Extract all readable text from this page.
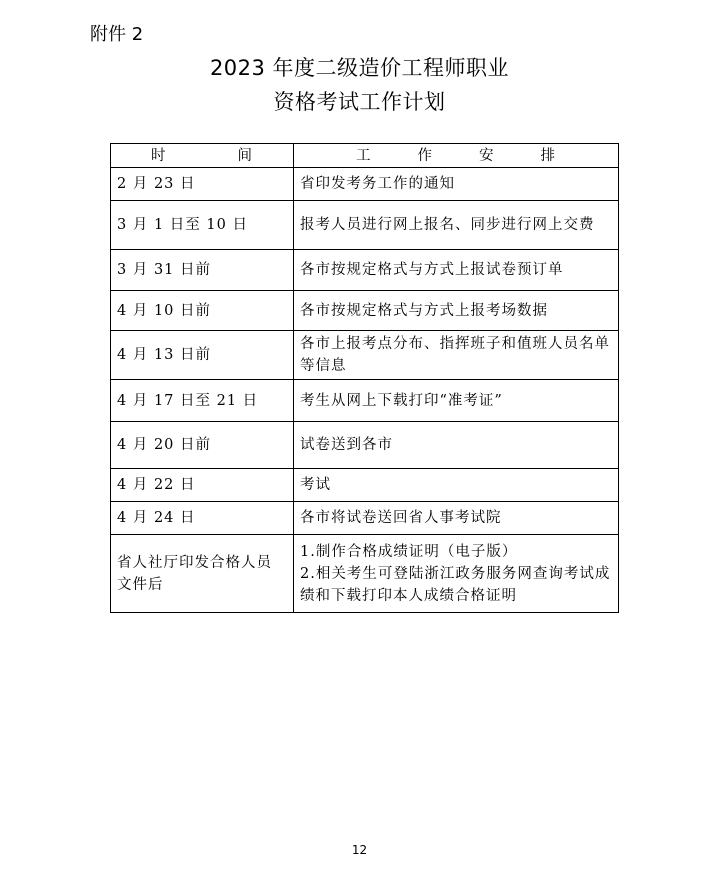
附件 2
2023 年度二级造价工程师职业
资格考试工作计划
时 间	工 作 安 排

2 月 23 日	省印发考务工作的通知
3 月 1 日至 10 日	报考人员进行网上报名、同步进行网上交费
3 月 31 日前	各市按规定格式与方式上报试卷预订单
4 月 10 日前	各市按规定格式与方式上报考场数据
4 月 13 日前	各市上报考点分布、指挥班子和值班人员名单等信息
4 月 17 日至 21 日	考生从网上下载打印“准考证”
4 月 20 日前	试卷送到各市
4 月 22 日	考试
4 月 24 日	各市将试卷送回省人事考试院
省人社厅印发合格人员文件后	1.制作合格成绩证明（电子版）
2.相关考生可登陆浙江政务服务网查询考试成绩和下载打印本人成绩合格证明
12
